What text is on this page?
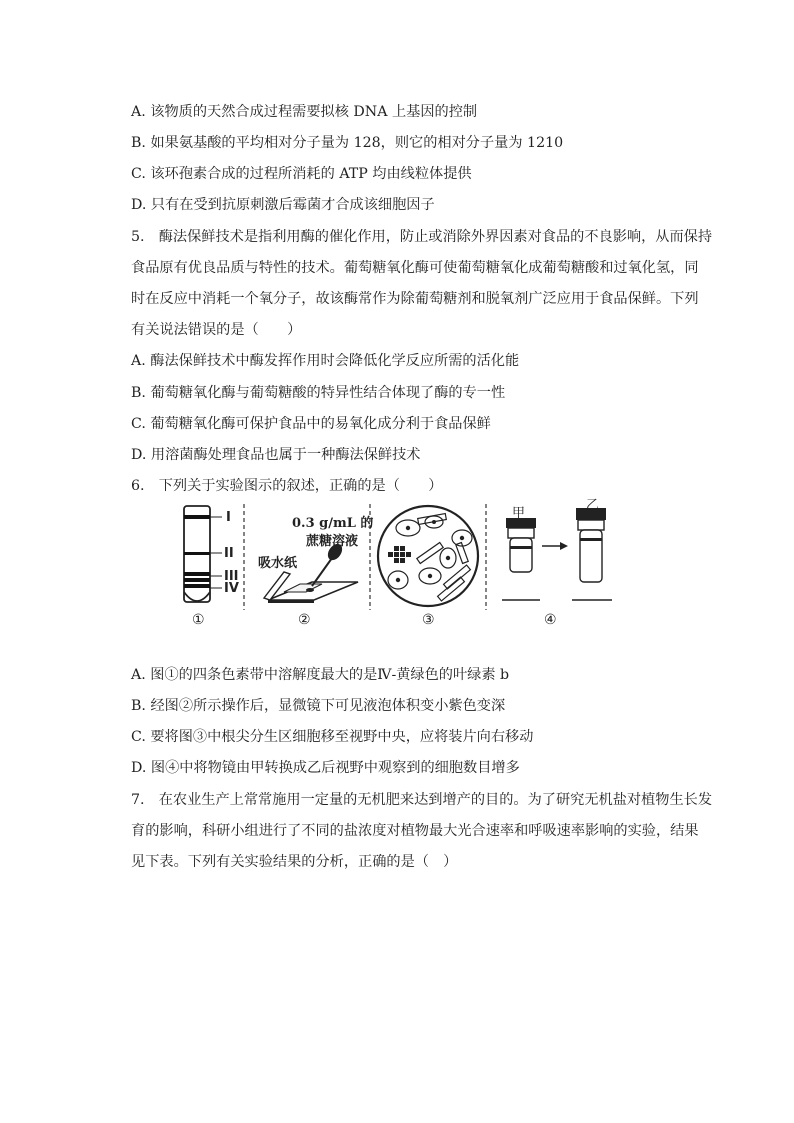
A. 该物质的天然合成过程需要拟核 DNA 上基因的控制
B. 如果氨基酸的平均相对分子量为 128，则它的相对分子量为 1210
C. 该环孢素合成的过程所消耗的 ATP 均由线粒体提供
D. 只有在受到抗原刺激后霉菌才合成该细胞因子
5.　酶法保鲜技术是指利用酶的催化作用，防止或消除外界因素对食品的不良影响，从而保持
食品原有优良品质与特性的技术。葡萄糖氧化酶可使葡萄糖氧化成葡萄糖酸和过氧化氢，同
时在反应中消耗一个氧分子，故该酶常作为除葡萄糖剂和脱氧剂广泛应用于食品保鲜。下列
有关说法错误的是（　　）
A. 酶法保鲜技术中酶发挥作用时会降低化学反应所需的活化能
B. 葡萄糖氧化酶与葡萄糖酸的特异性结合体现了酶的专一性
C. 葡萄糖氧化酶可保护食品中的易氧化成分利于食品保鲜
D. 用溶菌酶处理食品也属于一种酶法保鲜技术
6.　下列关于实验图示的叙述，正确的是（　　）
I
II
III
IV
0.3 g/mL 的
蔗糖溶液
吸水纸
甲
乙
①	②	③	④
A. 图①的四条色素带中溶解度最大的是Ⅳ-黄绿色的叶绿素 b
B. 经图②所示操作后，显微镜下可见液泡体积变小紫色变深
C. 要将图③中根尖分生区细胞移至视野中央，应将装片向右移动
D. 图④中将物镜由甲转换成乙后视野中观察到的细胞数目增多
7.　在农业生产上常常施用一定量的无机肥来达到增产的目的。为了研究无机盐对植物生长发
育的影响，科研小组进行了不同的盐浓度对植物最大光合速率和呼吸速率影响的实验，结果
见下表。下列有关实验结果的分析，正确的是（　）
